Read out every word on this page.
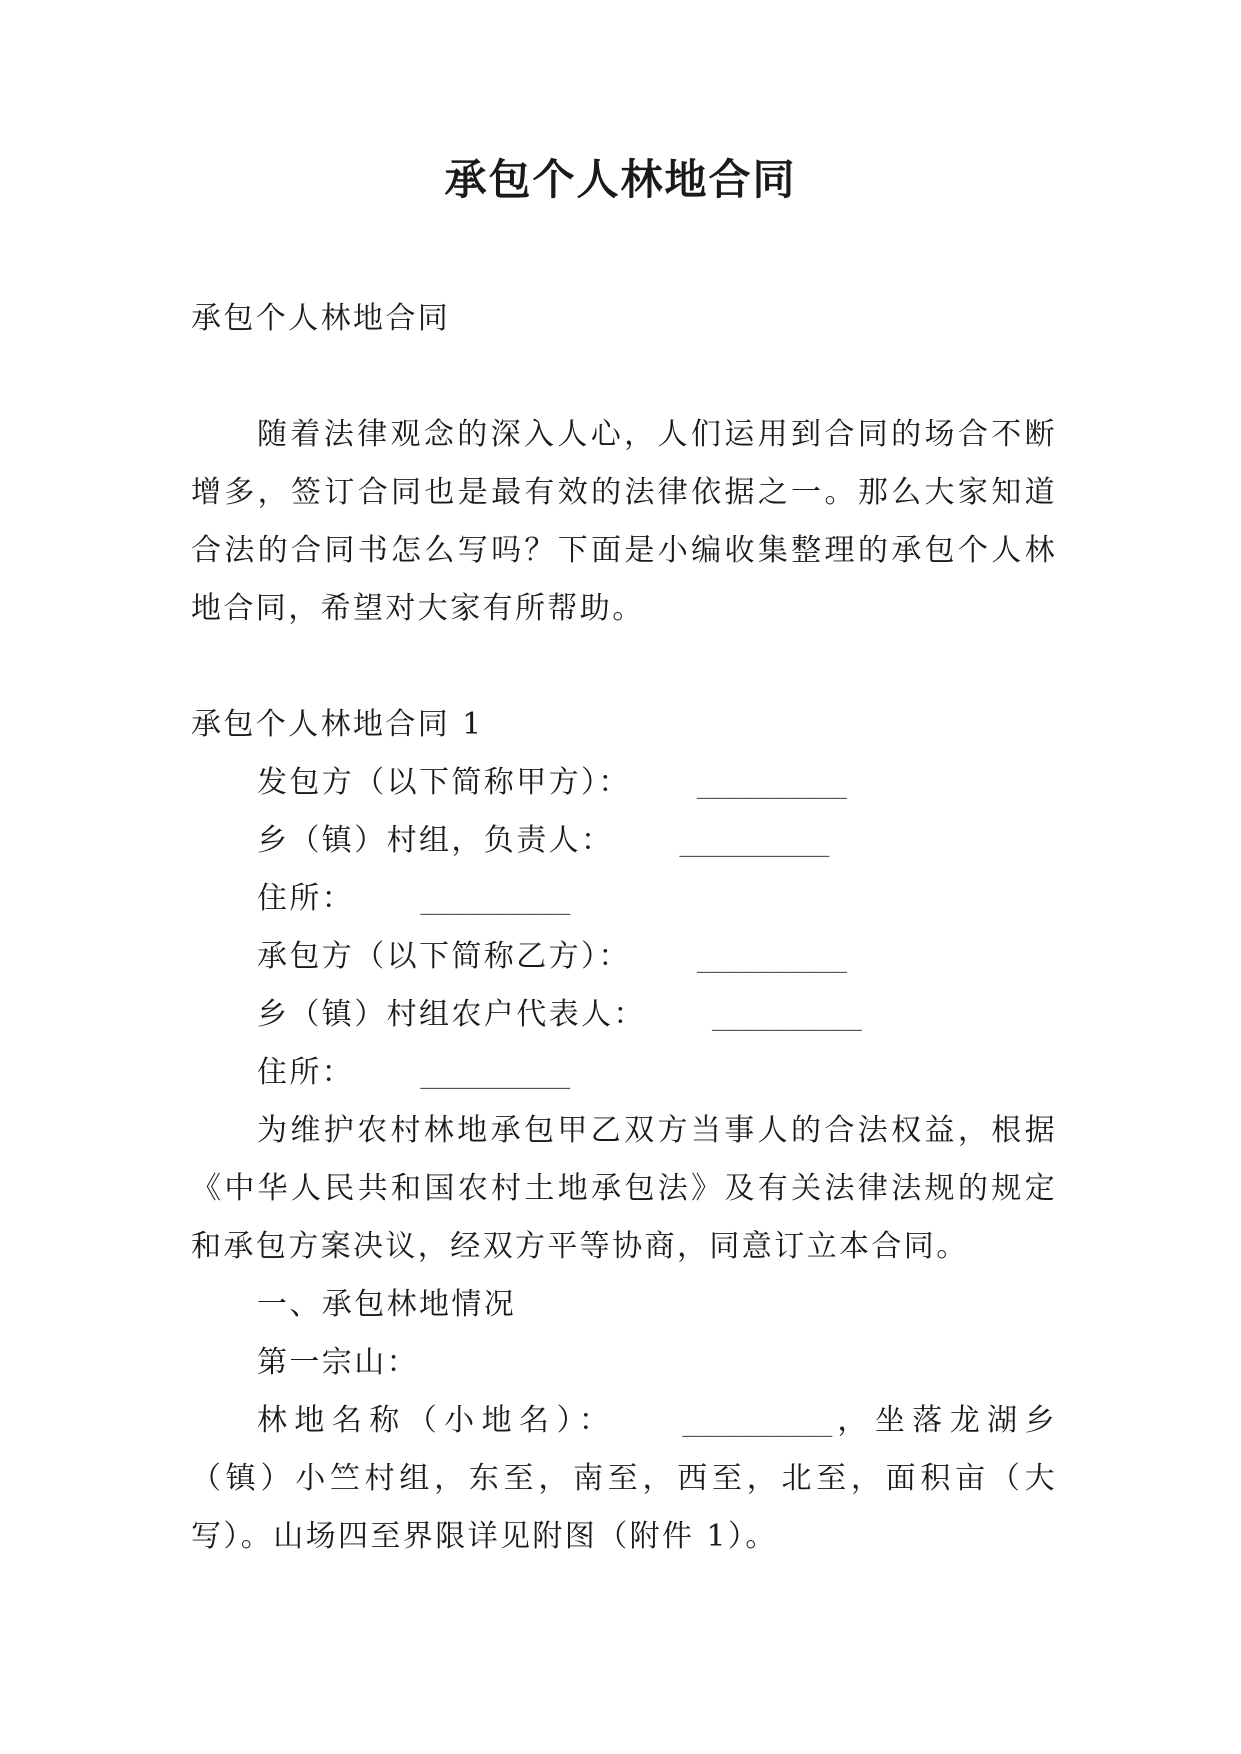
承包个人林地合同

承包个人林地合同

随着法律观念的深入人心，人们运用到合同的场合不断增多，签订合同也是最有效的法律依据之一。那么大家知道合法的合同书怎么写吗？下面是小编收集整理的承包个人林地合同，希望对大家有所帮助。

承包个人林地合同 1

发包方（以下简称甲方）： __________

乡（镇）村组，负责人： __________

住所： __________

承包方（以下简称乙方）： __________

乡（镇）村组农户代表人： __________

住所： __________

为维护农村林地承包甲乙双方当事人的合法权益，根据《中华人民共和国农村土地承包法》及有关法律法规的规定和承包方案决议，经双方平等协商，同意订立本合同。

一、承包林地情况

第一宗山：

林地名称（小地名）： __________，坐落龙湖乡（镇）小竺村组，东至，南至，西至，北至，面积亩（大写）。山场四至界限详见附图（附件 1）。
